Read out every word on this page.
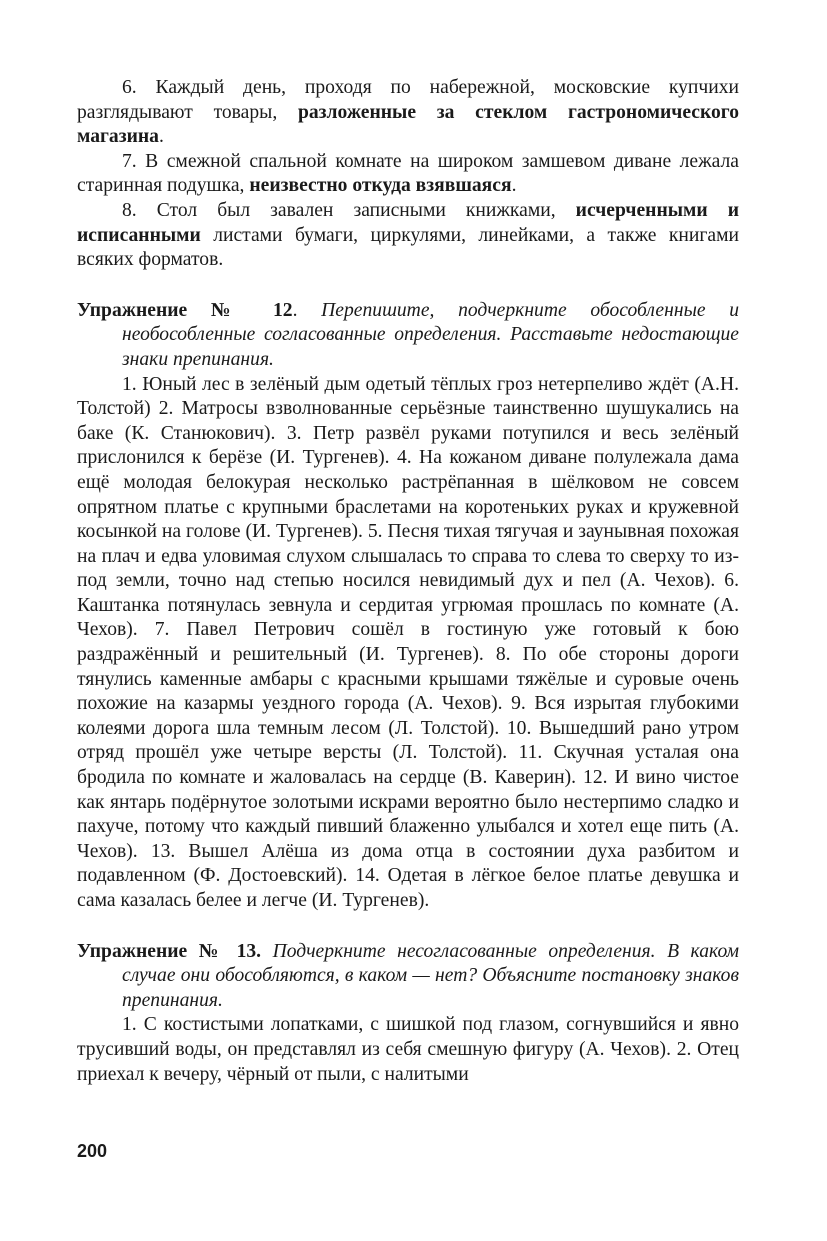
6. Каждый день, проходя по набережной, московские купчихи разглядывают товары, разложенные за стеклом гастрономического магазина.

7. В смежной спальной комнате на широком замшевом диване лежала старинная подушка, неизвестно откуда взявшаяся.

8. Стол был завален записными книжками, исчерченными и исписанными листами бумаги, циркулями, линейками, а также книгами всяких форматов.

Упражнение № 12. Перепишите, подчеркните обособленные и необособленные согласованные определения. Расставьте недостающие знаки препинания.

1. Юный лес в зелёный дым одетый тёплых гроз нетерпеливо ждёт (А.Н. Толстой) 2. Матросы взволнованные серьёзные таинственно шушукались на баке (К. Станюкович). 3. Петр развёл руками потупился и весь зелёный прислонился к берёзе (И. Тургенев). 4. На кожаном диване полулежала дама ещё молодая белокурая несколько растрёпанная в шёлковом не совсем опрятном платье с крупными браслетами на коротеньких руках и кружевной косынкой на голове (И. Тургенев). 5. Песня тихая тягучая и заунывная похожая на плач и едва уловимая слухом слышалась то справа то слева то сверху то из-под земли, точно над степью носился невидимый дух и пел (А. Чехов). 6. Каштанка потянулась зевнула и сердитая угрюмая прошлась по комнате (А. Чехов). 7. Павел Петрович сошёл в гостиную уже готовый к бою раздражённый и решительный (И. Тургенев). 8. По обе стороны дороги тянулись каменные амбары с красными крышами тяжёлые и суровые очень похожие на казармы уездного города (А. Чехов). 9. Вся изрытая глубокими колеями дорога шла темным лесом (Л. Толстой). 10. Вышедший рано утром отряд прошёл уже четыре версты (Л. Толстой). 11. Скучная усталая она бродила по комнате и жаловалась на сердце (В. Каверин). 12. И вино чистое как янтарь подёрнутое золотыми искрами вероятно было нестерпимо сладко и пахуче, потому что каждый пивший блаженно улыбался и хотел еще пить (А. Чехов). 13. Вышел Алёша из дома отца в состоянии духа разбитом и подавленном (Ф. Достоевский). 14. Одетая в лёгкое белое платье девушка и сама казалась белее и легче (И. Тургенев).

Упражнение № 13. Подчеркните несогласованные определения. В каком случае они обособляются, в каком — нет? Объясните постановку знаков препинания.

1. С костистыми лопатками, с шишкой под глазом, согнувшийся и явно трусивший воды, он представлял из себя смешную фигуру (А. Чехов). 2. Отец приехал к вечеру, чёрный от пыли, с налитыми

200
